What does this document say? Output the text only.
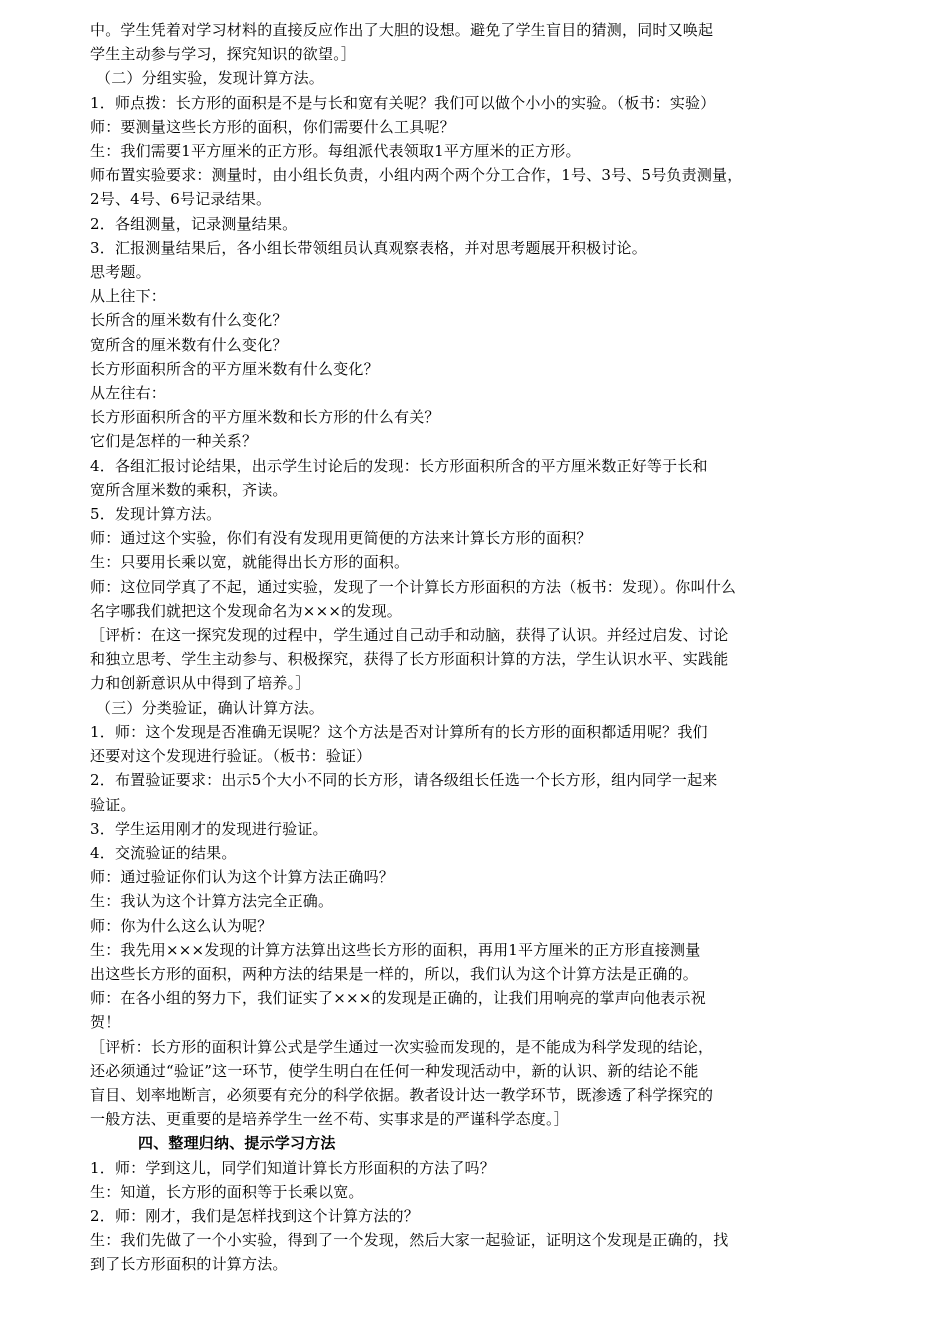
中。学生凭着对学习材料的直接反应作出了大胆的设想。避免了学生盲目的猜测，同时又唤起
学生主动参与学习，探究知识的欲望。］
（二）分组实验，发现计算方法。
1．师点拨：长方形的面积是不是与长和宽有关呢？我们可以做个小小的实验。（板书：实验）
师：要测量这些长方形的面积，你们需要什么工具呢？
生：我们需要1平方厘米的正方形。每组派代表领取1平方厘米的正方形。
师布置实验要求：测量时，由小组长负责，小组内两个两个分工合作，1号、3号、5号负责测量，
2号、4号、6号记录结果。
2．各组测量，记录测量结果。
3．汇报测量结果后，各小组长带领组员认真观察表格，并对思考题展开积极讨论。
思考题。
从上往下：
长所含的厘米数有什么变化？
宽所含的厘米数有什么变化？
长方形面积所含的平方厘米数有什么变化？
从左往右：
长方形面积所含的平方厘米数和长方形的什么有关？
它们是怎样的一种关系？
4．各组汇报讨论结果，出示学生讨论后的发现：长方形面积所含的平方厘米数正好等于长和
宽所含厘米数的乘积，齐读。
5．发现计算方法。
师：通过这个实验，你们有没有发现用更简便的方法来计算长方形的面积？
生：只要用长乘以宽，就能得出长方形的面积。
师：这位同学真了不起，通过实验，发现了一个计算长方形面积的方法（板书：发现）。你叫什么
名字哪我们就把这个发现命名为×××的发现。
［评析：在这一探究发现的过程中，学生通过自己动手和动脑，获得了认识。并经过启发、讨论
和独立思考、学生主动参与、积极探究，获得了长方形面积计算的方法，学生认识水平、实践能
力和创新意识从中得到了培养。］
（三）分类验证，确认计算方法。
1．师：这个发现是否准确无误呢？这个方法是否对计算所有的长方形的面积都适用呢？我们
还要对这个发现进行验证。（板书：验证）
2．布置验证要求：出示5个大小不同的长方形，请各级组长任选一个长方形，组内同学一起来
验证。
3．学生运用刚才的发现进行验证。
4．交流验证的结果。
师：通过验证你们认为这个计算方法正确吗？
生：我认为这个计算方法完全正确。
师：你为什么这么认为呢？
生：我先用×××发现的计算方法算出这些长方形的面积，再用1平方厘米的正方形直接测量
出这些长方形的面积，两种方法的结果是一样的，所以，我们认为这个计算方法是正确的。
师：在各小组的努力下，我们证实了×××的发现是正确的，让我们用响亮的掌声向他表示祝
贺！
［评析：长方形的面积计算公式是学生通过一次实验而发现的，是不能成为科学发现的结论，
还必须通过“验证”这一环节，使学生明白在任何一种发现活动中，新的认识、新的结论不能
盲目、划率地断言，必须要有充分的科学依据。教者设计达一教学环节，既渗透了科学探究的
一般方法、更重要的是培养学生一丝不苟、实事求是的严谨科学态度。］
四、整理归纳、提示学习方法
1．师：学到这儿，同学们知道计算长方形面积的方法了吗？
生：知道，长方形的面积等于长乘以宽。
2．师：刚才，我们是怎样找到这个计算方法的？
生：我们先做了一个小实验，得到了一个发现，然后大家一起验证，证明这个发现是正确的，找
到了长方形面积的计算方法。
